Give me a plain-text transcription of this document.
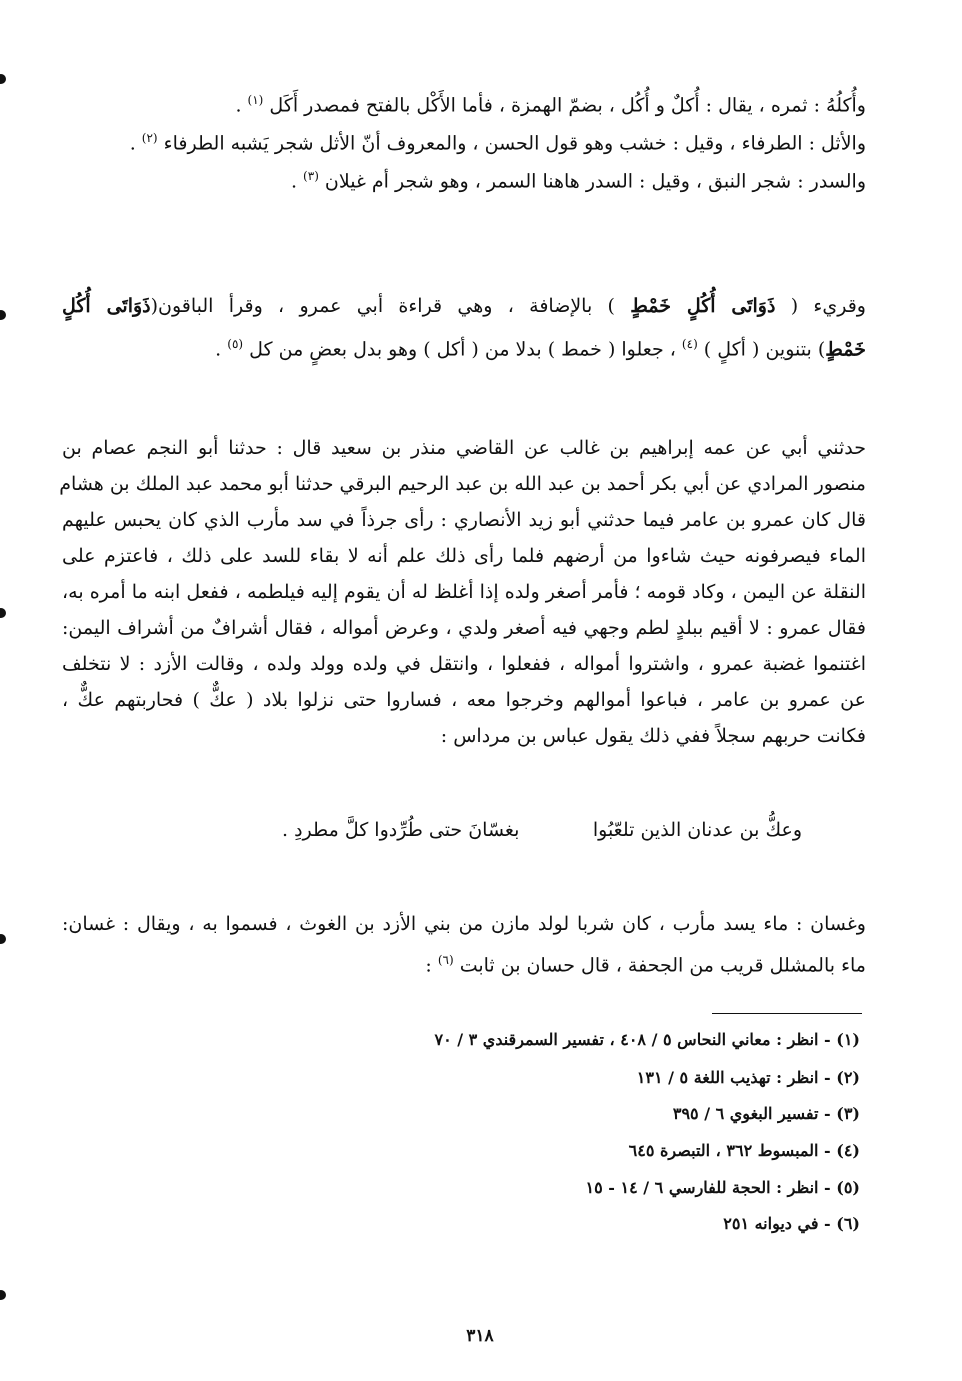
وأُكلُهُ : ثمره ، يقال : أُكلٌ و أُكُل ، بضمّ الهمزة ، فأما الأَكْل بالفتح فمصدر أَكَل $^{(١)}$ .
والأثل : الطرفاء ، وقيل : خشب وهو قول الحسن ، والمعروف أنّ الأثل شجر يَشبه الطرفاء $^{(٢)}$ .
والسدر : شجر النبق ، وقيل : السدر هاهنا السمر ، وهو شجر أم غيلان $^{(٣)}$ .
وقريء ( ذَوَاتَى أُكُلٍ خَمْطٍ ) بالإضافة ، وهي قراءة أبي عمرو ، وقرأ الباقون(ذَوَاتَى أُكُلٍ
خَمْطٍ) بتنوين ( أكلٍ ) $^{(٤)}$ ، جعلوا ( خمط ) بدلا من ( أكل ) وهو بدل بعضٍ من كل $^{(٥)}$ .
حدثني أبي عن عمه إبراهيم بن غالب عن القاضي منذر بن سعيد قال : حدثنا أبو النجم عصام بن
منصور المرادي عن أبي بكر أحمد بن عبد الله بن عبد الرحيم البرقي حدثنا أبو محمد عبد الملك بن هشام
قال كان عمرو بن عامر فيما حدثني أبو زيد الأنصاري : رأى جرذاً في سد مأرب الذي كان يحبس عليهم
الماء فيصرفونه حيث شاءوا من أرضهم فلما رأى ذلك علم أنه لا بقاء للسد على ذلك ، فاعتزم على
النقلة عن اليمن ، وكاد قومه ؛ فأمر أصغر ولده إذا أغلظ له أن يقوم إليه فيلطمه ، ففعل ابنه ما أمره به،
فقال عمرو : لا أقيم ببلدٍ لطم وجهي فيه أصغر ولدي ، وعرض أمواله ، فقال أشرافٌ من أشراف اليمن:
اغتنموا غضبة عمرو ، واشتروا أمواله ، ففعلوا ، وانتقل في ولده وولد ولده ، وقالت الأزد : لا نتخلف
عن عمرو بن عامر ، فباعوا أموالهم وخرجوا معه ، فساروا حتى نزلوا بلاد ( عكٌّ ) فحاربتهم عكٌّ ،
فكانت حربهم سجلاً ففي ذلك يقول عباس بن مرداس :
وعكُّ بن عدنان الذين تلعّبُوا
بغسّانَ حتى طُرِّدوا كلَّ مطردِ .
وغسان : ماء يسد مأرب ، كان شربا لولد مازن من بني الأزد بن الغوث ، فسموا به ، ويقال : غسان:
ماء بالمشلل قريب من الجحفة ، قال حسان بن ثابت $^{(٦)}$ :
(١) - انظر : معاني النحاس ٥ / ٤٠٨ ، تفسير السمرقندي ٣ / ٧٠
(٢) - انظر : تهذيب اللغة ٥ / ١٣١
(٣) - تفسير البغوي ٦ / ٣٩٥
(٤) - المبسوط ٣٦٢ ، التبصرة ٦٤٥
(٥) - انظر : الحجة للفارسي ٦ / ١٤ - ١٥
(٦) - في ديوانه ٢٥١
٣١٨
